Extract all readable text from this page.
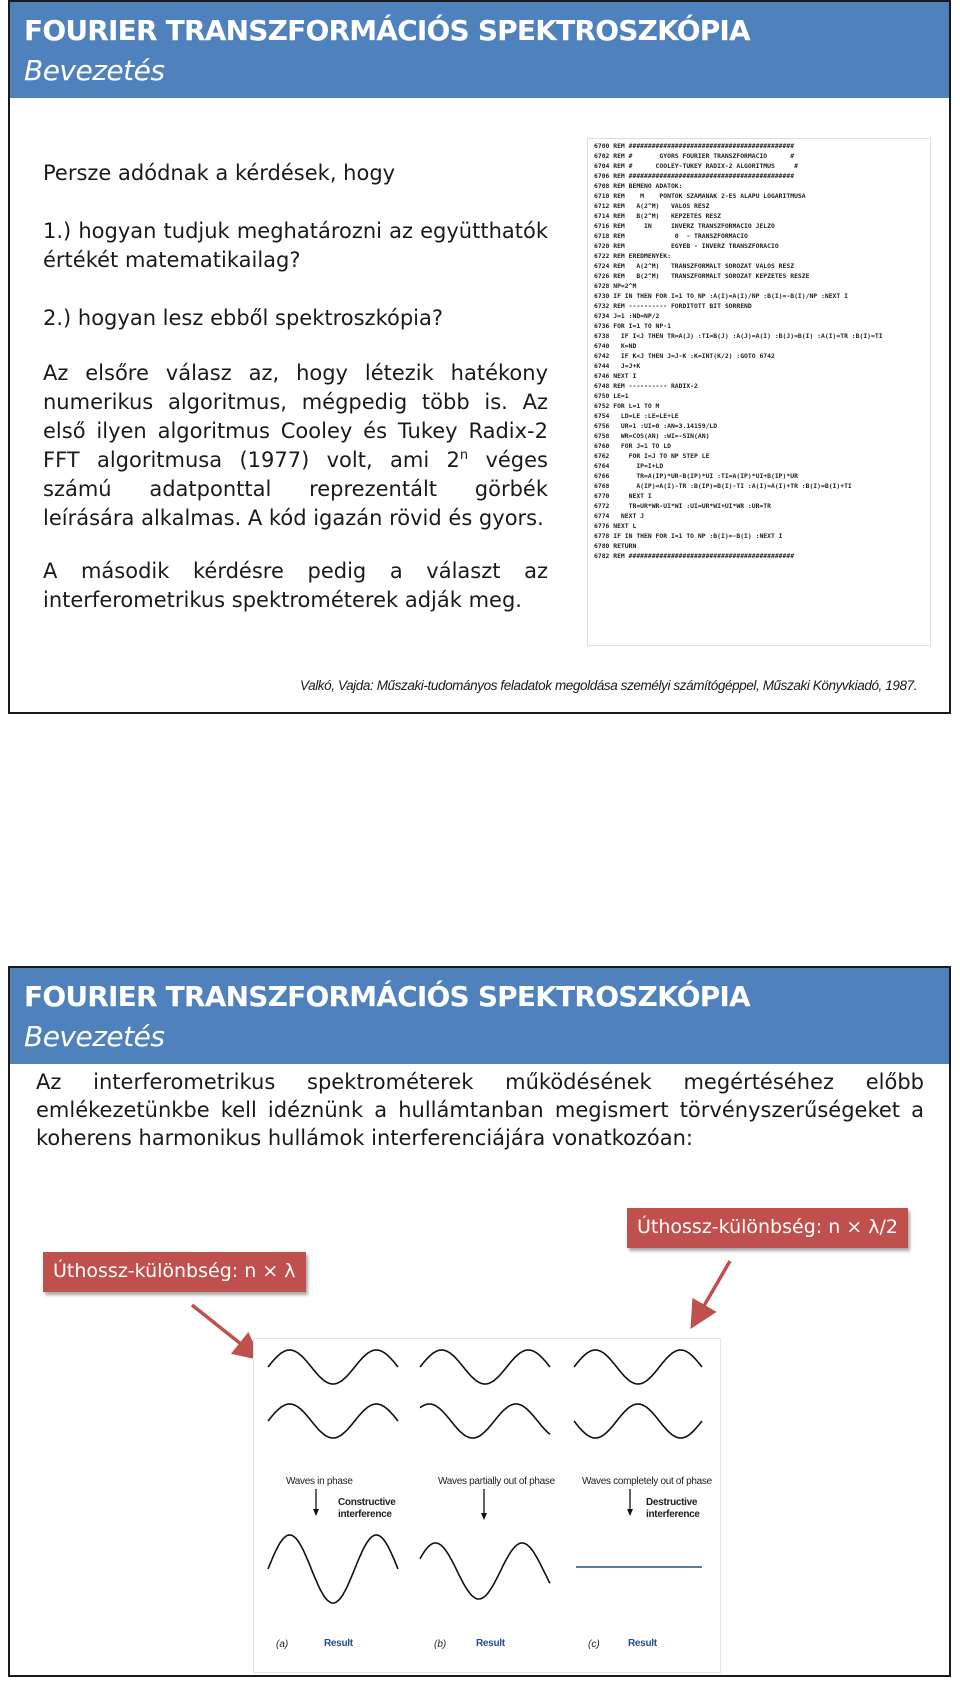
FOURIER TRANSZFORMÁCIÓS SPEKTROSZKÓPIA
Bevezetés
Persze adódnak a kérdések, hogy
1.) hogyan tudjuk meghatározni az együtthatók
értékét matematikailag?
2.) hogyan lesz ebből spektroszkópia?
Az elsőre válasz az, hogy létezik hatékony
numerikus algoritmus, mégpedig több is. Az
első ilyen algoritmus Cooley és Tukey Radix-2
FFT algoritmusa (1977) volt, ami 2$^n$ véges
számú adatponttal reprezentált görbék
leírására alkalmas. A kód igazán rövid és gyors.
A második kérdésre pedig a választ az
interferometrikus spektrométerek adják meg.
6700 REM ###########################################
6702 REM #       GYORS FOURIER TRANSZFORMACIO      #
6704 REM #      COOLEY-TUKEY RADIX-2 ALGORITMUS     #
6706 REM ###########################################
6708 REM BEMENO ADATOK:
6710 REM    M    PONTOK SZAMANAK 2-ES ALAPU LOGARITMUSA
6712 REM   A(2^M)   VALOS RESZ
6714 REM   B(2^M)   KEPZETES RESZ
6716 REM     IN     INVERZ TRANSZFORMACIO JELZO
6718 REM             0  - TRANSZFORMACIO
6720 REM            EGYEB - INVERZ TRANSZFORACIO
6722 REM EREDMENYEK:
6724 REM   A(2^M)   TRANSZFORMALT SOROZAT VALOS RESZ
6726 REM   B(2^M)   TRANSZFORMALT SOROZAT KEPZETES RESZE
6728 NP=2^M
6730 IF IN THEN FOR I=1 TO NP :A(I)=A(I)/NP :B(I)=-B(I)/NP :NEXT I
6732 REM ---------- FORDITOTT BIT SORREND
6734 J=1 :ND=NP/2
6736 FOR I=1 TO NP-1
6738   IF I<J THEN TR=A(J) :TI=B(J) :A(J)=A(I) :B(J)=B(I) :A(I)=TR :B(I)=TI
6740   K=ND
6742   IF K<J THEN J=J-K :K=INT(K/2) :GOTO 6742
6744   J=J+K
6746 NEXT I
6748 REM ---------- RADIX-2
6750 LE=1
6752 FOR L=1 TO M
6754   LD=LE :LE=LE+LE
6756   UR=1 :UI=0 :AN=3.14159/LD
6758   WR=COS(AN) :WI=-SIN(AN)
6760   FOR J=1 TO LD
6762     FOR I=J TO NP STEP LE
6764       IP=I+LD
6766       TR=A(IP)*UR-B(IP)*UI :TI=A(IP)*UI+B(IP)*UR
6768       A(IP)=A(I)-TR :B(IP)=B(I)-TI :A(I)=A(I)+TR :B(I)=B(I)+TI
6770     NEXT I
6772     TR=UR*WR-UI*WI :UI=UR*WI+UI*WR :UR=TR
6774   NEXT J
6776 NEXT L
6778 IF IN THEN FOR I=1 TO NP :B(I)=-B(I) :NEXT I
6780 RETURN
6782 REM ###########################################
Valkó, Vajda: Műszaki-tudományos feladatok megoldása személyi számítógéppel, Műszaki Könyvkiadó, 1987.
FOURIER TRANSZFORMÁCIÓS SPEKTROSZKÓPIA
Bevezetés
Az interferometrikus spektrométerek működésének megértéséhez előbb
emlékezetünkbe kell idéznünk a hullámtanban megismert törvényszerűségeket a
koherens harmonikus hullámok interferenciájára vonatkozóan:
Úthossz-különbség: n × λ/2
Úthossz-különbség: n × λ
Waves in phase	Waves partially out of phase	Waves completely out of phase
Constructive
interference
Destructive
interference
(a)	(b)	(c)
Result	Result	Result
